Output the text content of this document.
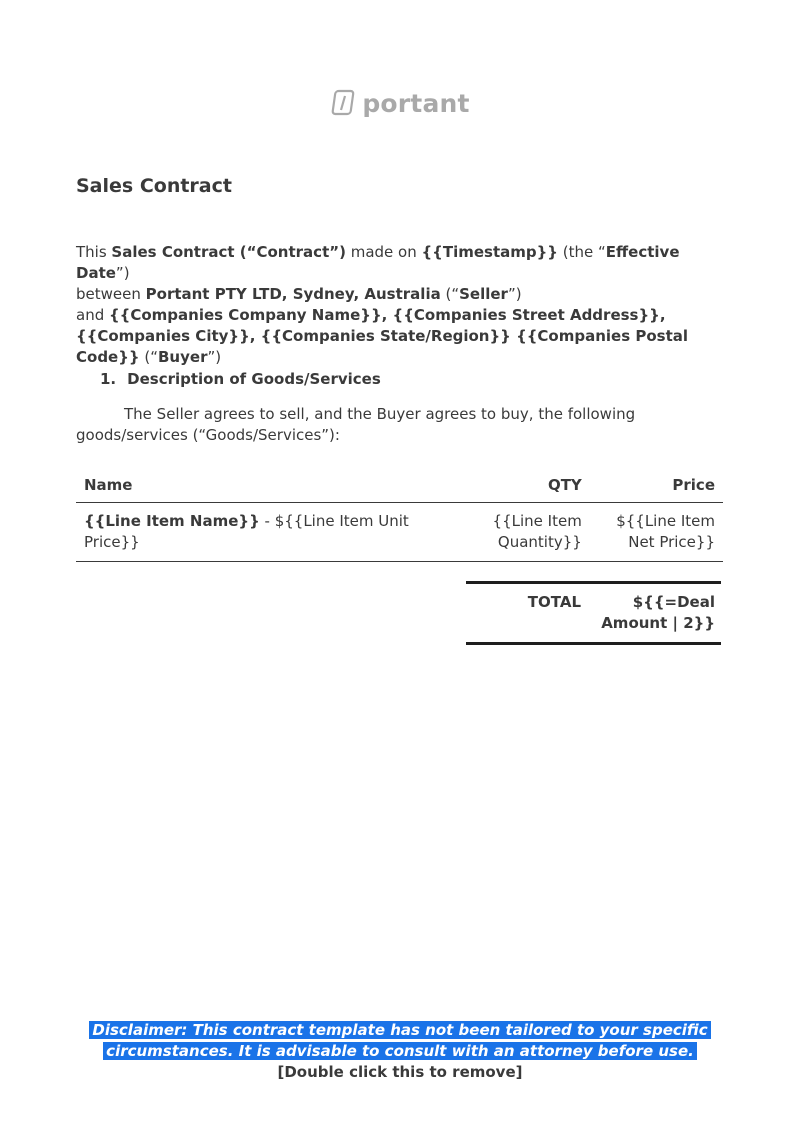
portant
Sales Contract
This Sales Contract (“Contract”) made on {{Timestamp}} (the “Effective Date”)
between Portant PTY LTD, Sydney, Australia (“Seller”)
and {{Companies Company Name}}, {{Companies Street Address}}, {{Companies City}}, {{Companies State/Region}} {{Companies Postal Code}} (“Buyer”)
1. Description of Goods/Services
The Seller agrees to sell, and the Buyer agrees to buy, the following goods/services (“Goods/Services”):
Name	QTY	Price
{{Line Item Name}} - ${{Line Item Unit Price}}	{{Line Item Quantity}}	${{Line Item Net Price}}
TOTAL	${{=Deal Amount | 2}}
Disclaimer: This contract template has not been tailored to your specific
circumstances. It is advisable to consult with an attorney before use.
[Double click this to remove]
